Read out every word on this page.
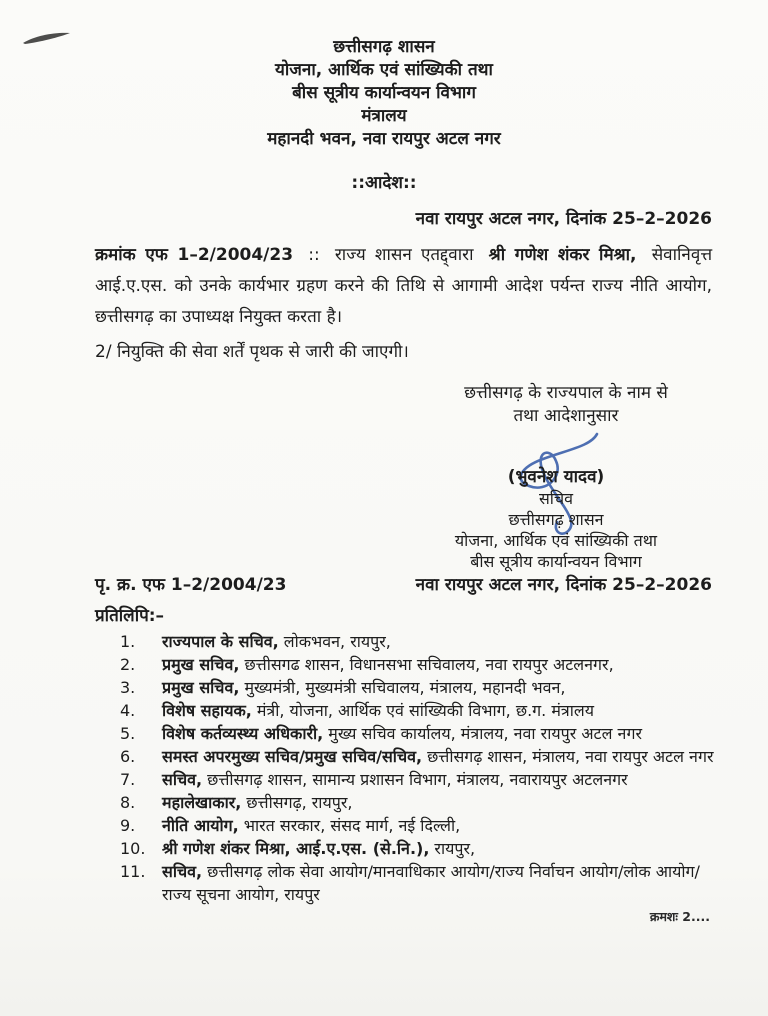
छत्तीसगढ़ शासन
योजना, आर्थिक एवं सांख्यिकी तथा
बीस सूत्रीय कार्यान्वयन विभाग
मंत्रालय
महानदी भवन, नवा रायपुर अटल नगर
::आदेश::
नवा रायपुर अटल नगर, दिनांक 25–2–2026
क्रमांक एफ 1–2/2004/23 :: राज्य शासन एतद्द्वारा श्री गणेश शंकर मिश्रा, सेवानिवृत्त आई.ए.एस. को उनके कार्यभार ग्रहण करने की तिथि से आगामी आदेश पर्यन्त राज्य नीति आयोग, छत्तीसगढ़ का उपाध्यक्ष नियुक्त करता है।
2/ नियुक्ति की सेवा शर्तें पृथक से जारी की जाएगी।
छत्तीसगढ़ के राज्यपाल के नाम से
तथा आदेशानुसार
(भुवनेश यादव)
सचिव
छत्तीसगढ़ शासन
योजना, आर्थिक एवं सांख्यिकी तथा
बीस सूत्रीय कार्यान्वयन विभाग
पृ. क्र. एफ 1–2/2004/23	नवा रायपुर अटल नगर, दिनांक 25–2–2026
प्रतिलिपि:–
1.	राज्यपाल के सचिव, लोकभवन, रायपुर,
2.	प्रमुख सचिव, छत्तीसगढ शासन, विधानसभा सचिवालय, नवा रायपुर अटलनगर,
3.	प्रमुख सचिव, मुख्यमंत्री, मुख्यमंत्री सचिवालय, मंत्रालय, महानदी भवन,
4.	विशेष सहायक, मंत्री, योजना, आर्थिक एवं सांख्यिकी विभाग, छ.ग. मंत्रालय
5.	विशेष कर्तव्यस्थ्य अधिकारी, मुख्य सचिव कार्यालय, मंत्रालय, नवा रायपुर अटल नगर
6.	समस्त अपरमुख्य सचिव/प्रमुख सचिव/सचिव, छत्तीसगढ़ शासन, मंत्रालय, नवा रायपुर अटल नगर
7.	सचिव, छत्तीसगढ़ शासन, सामान्य प्रशासन विभाग, मंत्रालय, नवारायपुर अटलनगर
8.	महालेखाकार, छत्तीसगढ़, रायपुर,
9.	नीति आयोग, भारत सरकार, संसद मार्ग, नई दिल्ली,
10.	श्री गणेश शंकर मिश्रा, आई.ए.एस. (से.नि.), रायपुर,
11.	सचिव, छत्तीसगढ़ लोक सेवा आयोग/मानवाधिकार आयोग/राज्य निर्वाचन आयोग/लोक आयोग/राज्य सूचना आयोग, रायपुर
क्रमशः 2....
